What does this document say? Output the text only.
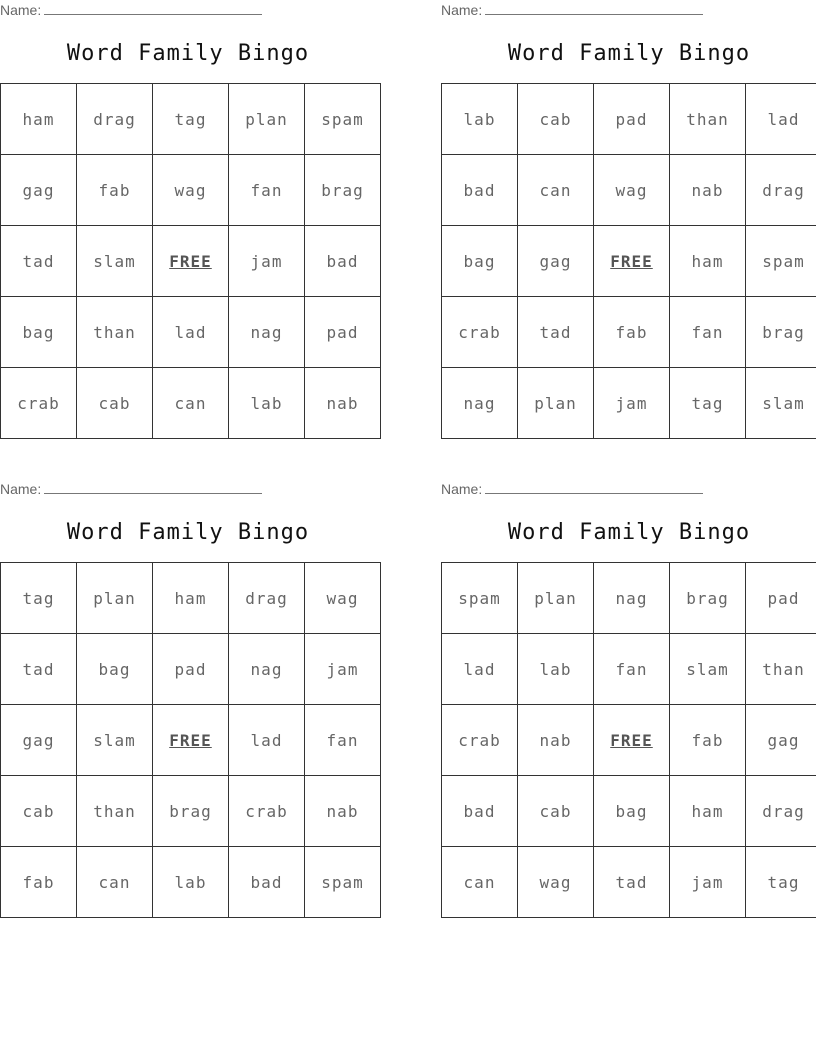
Name:
Word Family Bingo
ham	drag	tag	plan	spam
gag	fab	wag	fan	brag
tad	slam	FREE	jam	bad
bag	than	lad	nag	pad
crab	cab	can	lab	nab
Name:
Word Family Bingo
lab	cab	pad	than	lad
bad	can	wag	nab	drag
bag	gag	FREE	ham	spam
crab	tad	fab	fan	brag
nag	plan	jam	tag	slam
Name:
Word Family Bingo
tag	plan	ham	drag	wag
tad	bag	pad	nag	jam
gag	slam	FREE	lad	fan
cab	than	brag	crab	nab
fab	can	lab	bad	spam
Name:
Word Family Bingo
spam	plan	nag	brag	pad
lad	lab	fan	slam	than
crab	nab	FREE	fab	gag
bad	cab	bag	ham	drag
can	wag	tad	jam	tag
